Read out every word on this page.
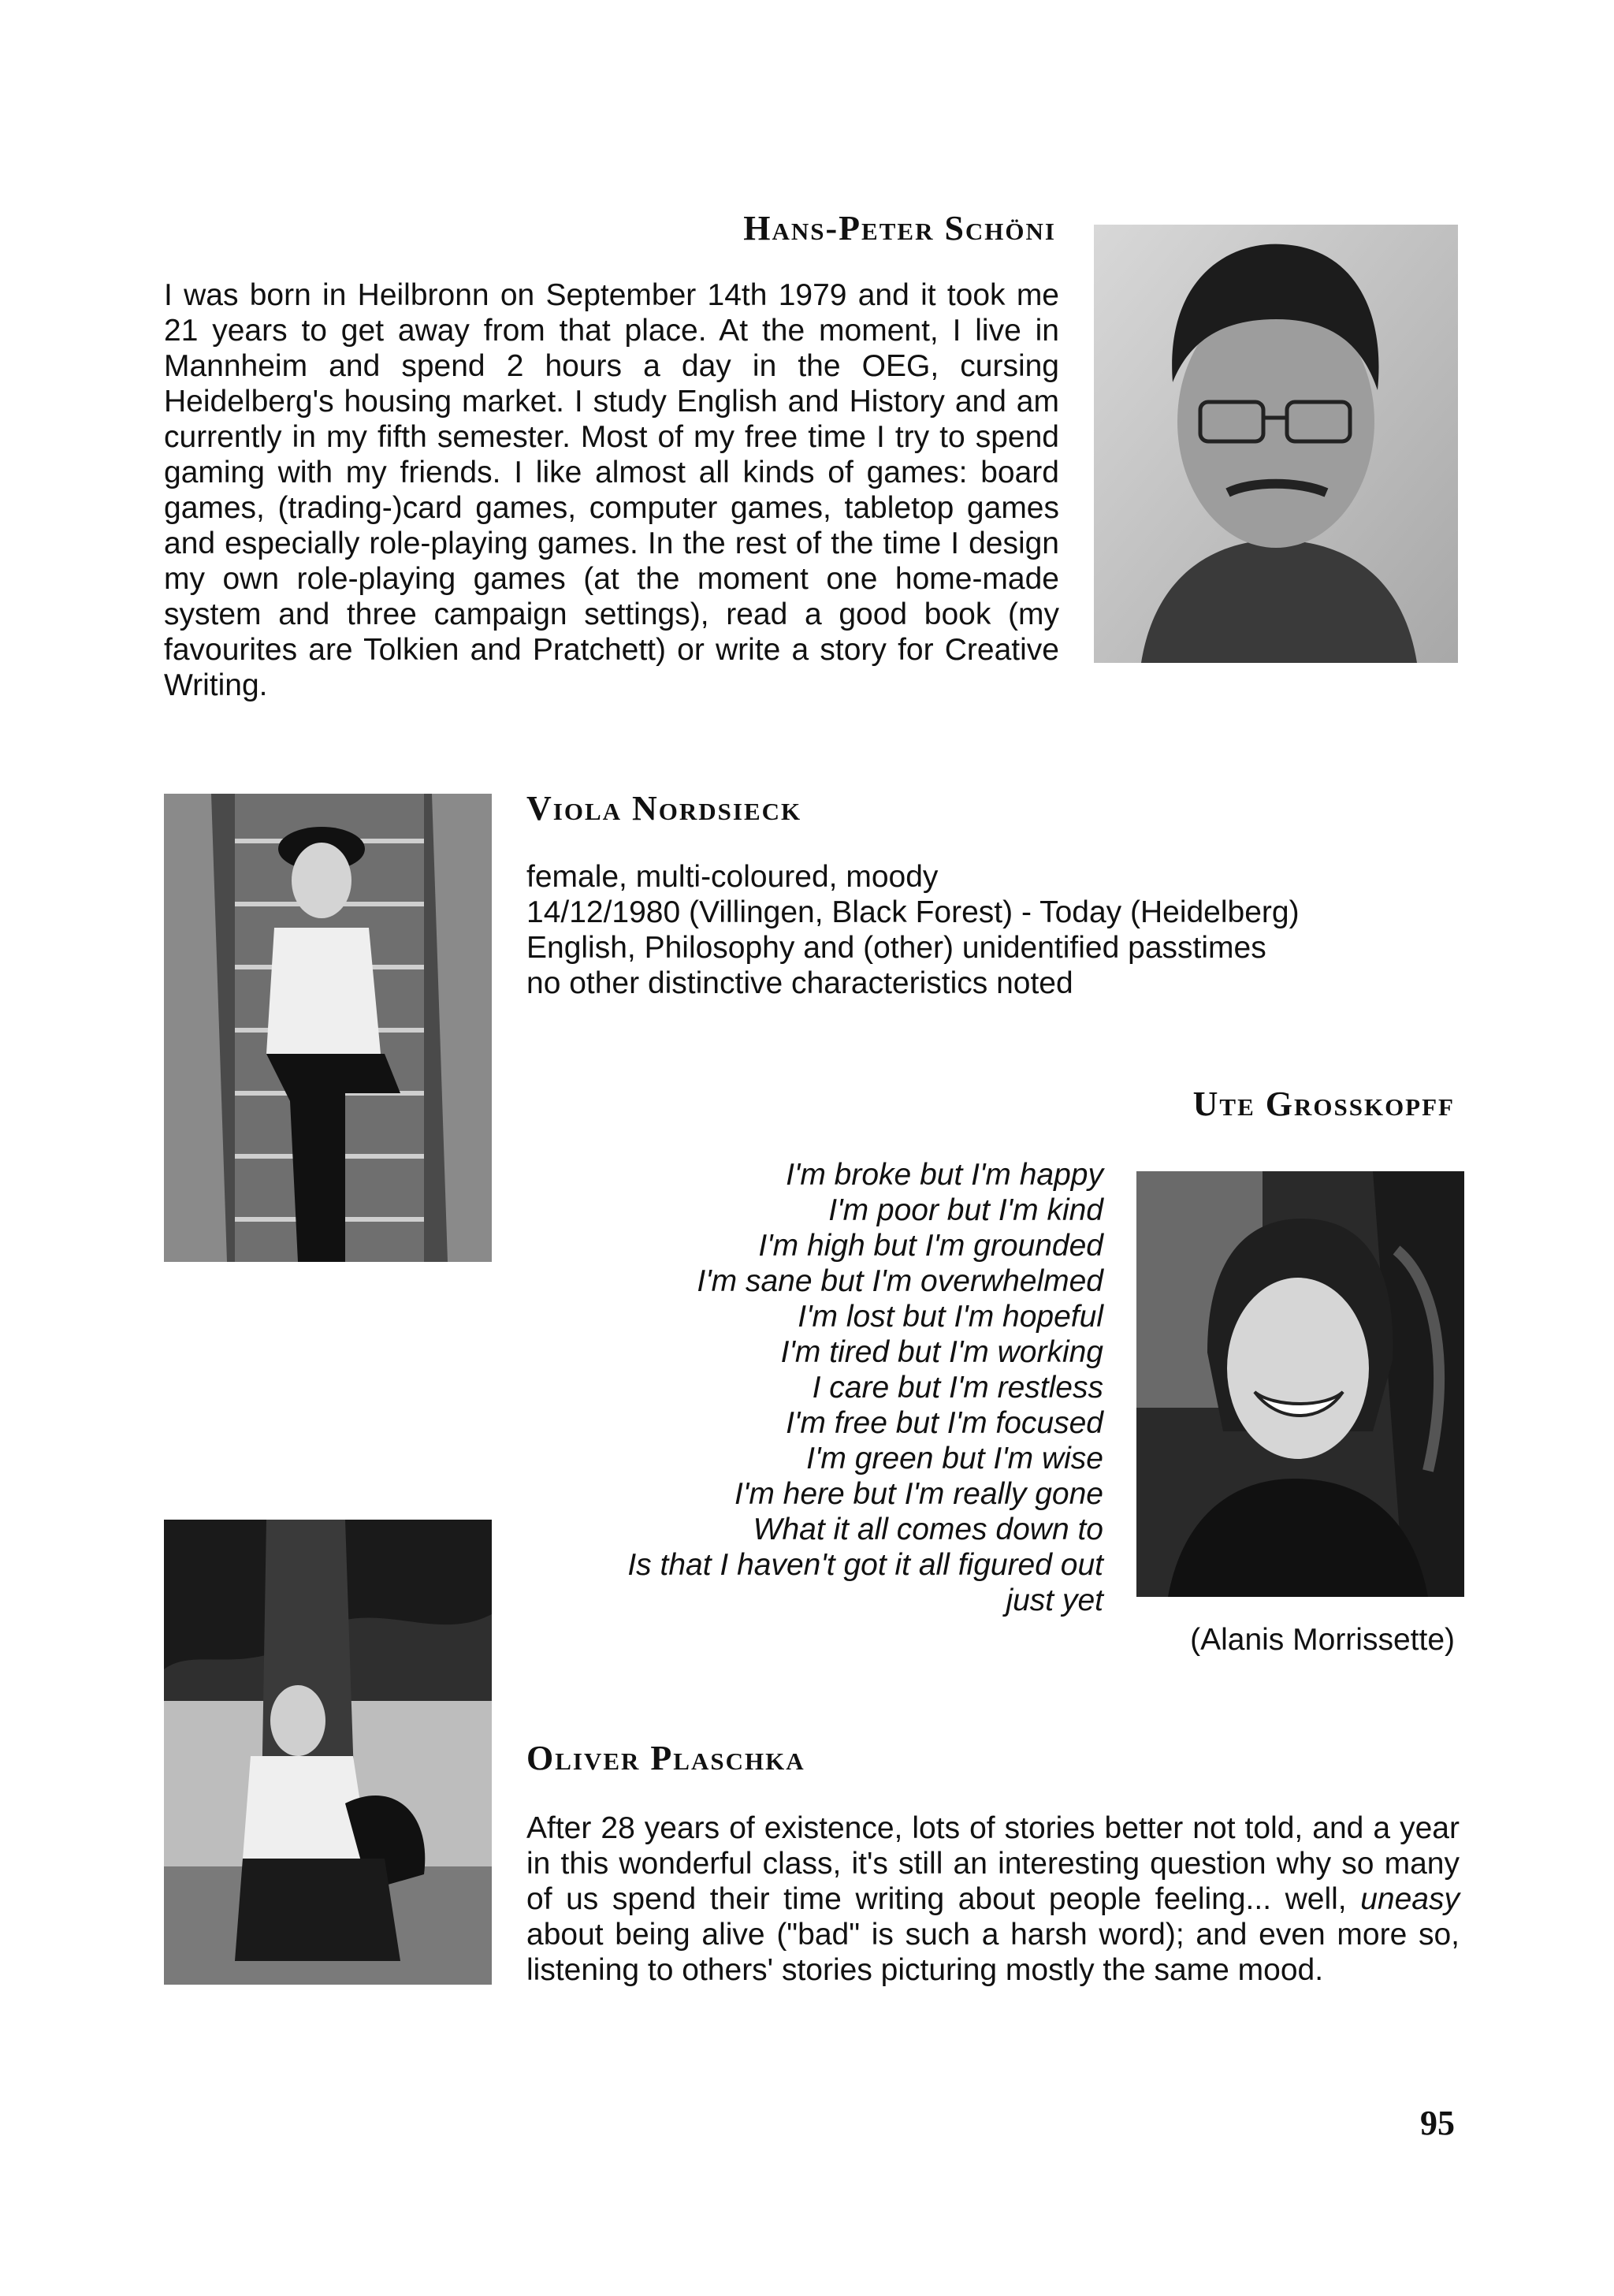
Hans-Peter Schöni
I was born in Heilbronn on September 14th 1979 and it took me
21 years to get away from that place. At the moment, I live in
Mannheim and spend 2 hours a day in the OEG, cursing
Heidelberg's housing market. I study English and History and am
currently in my fifth semester. Most of my free time I try to spend
gaming with my friends. I like almost all kinds of games: board
games, (trading-)card games, computer games, tabletop games
and especially role-playing games. In the rest of the time I design
my own role-playing games (at the moment one home-made
system and three campaign settings), read a good book (my
favourites are Tolkien and Pratchett) or write a story for Creative
Writing.
Viola Nordsieck
female, multi-coloured, moody
14/12/1980 (Villingen, Black Forest) - Today (Heidelberg)
English, Philosophy and (other) unidentified passtimes
no other distinctive characteristics noted
Ute Grosskopff
I'm broke but I'm happy
I'm poor but I'm kind
I'm high but I'm grounded
I'm sane but I'm overwhelmed
I'm lost but I'm hopeful
I'm tired but I'm working
I care but I'm restless
I'm free but I'm focused
I'm green but I'm wise
I'm here but I'm really gone
What it all comes down to
Is that I haven't got it all figured out
just yet
(Alanis Morrissette)
Oliver Plaschka
After 28 years of existence, lots of stories better not told, and a year
in this wonderful class, it's still an interesting question why so many
of us spend their time writing about people feeling... well, uneasy
about being alive ("bad" is such a harsh word); and even more so,
listening to others' stories picturing mostly the same mood.
95
